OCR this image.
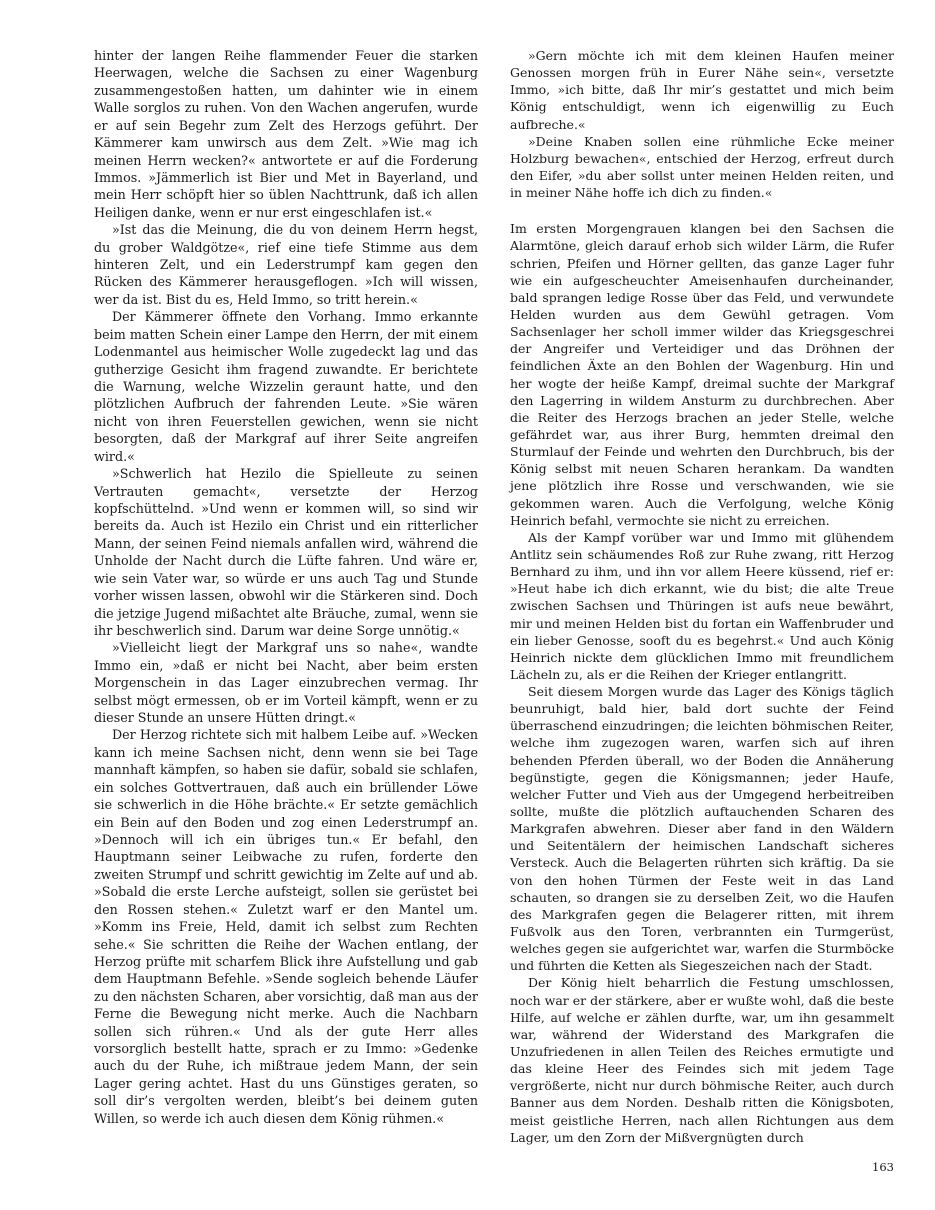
hinter der langen Reihe flammender Feuer die starken Heerwagen, welche die Sachsen zu einer Wagenburg zusammengestoßen hatten, um dahinter wie in einem Walle sorglos zu ruhen. Von den Wachen angerufen, wurde er auf sein Begehr zum Zelt des Herzogs geführt. Der Kämmerer kam unwirsch aus dem Zelt. »Wie mag ich meinen Herrn wecken?« antwortete er auf die Forderung Immos. »Jämmerlich ist Bier und Met in Bayerland, und mein Herr schöpft hier so üblen Nachttrunk, daß ich allen Heiligen danke, wenn er nur erst eingeschlafen ist.«

»Ist das die Meinung, die du von deinem Herrn hegst, du grober Waldgötze«, rief eine tiefe Stimme aus dem hinteren Zelt, und ein Lederstrumpf kam gegen den Rücken des Kämmerer herausgeflogen. »Ich will wissen, wer da ist. Bist du es, Held Immo, so tritt herein.«

Der Kämmerer öffnete den Vorhang. Immo erkannte beim matten Schein einer Lampe den Herrn, der mit einem Lodenmantel aus heimischer Wolle zugedeckt lag und das gutherzige Gesicht ihm fragend zuwandte. Er berichtete die Warnung, welche Wizzelin geraunt hatte, und den plötzlichen Aufbruch der fahrenden Leute. »Sie wären nicht von ihren Feuerstellen gewichen, wenn sie nicht besorgten, daß der Markgraf auf ihrer Seite angreifen wird.«

»Schwerlich hat Hezilo die Spielleute zu seinen Vertrauten gemacht«, versetzte der Herzog kopfschüttelnd. »Und wenn er kommen will, so sind wir bereits da. Auch ist Hezilo ein Christ und ein ritterlicher Mann, der seinen Feind niemals anfallen wird, während die Unholde der Nacht durch die Lüfte fahren. Und wäre er, wie sein Vater war, so würde er uns auch Tag und Stunde vorher wissen lassen, obwohl wir die Stärkeren sind. Doch die jetzige Jugend mißachtet alte Bräuche, zumal, wenn sie ihr beschwerlich sind. Darum war deine Sorge unnötig.«

»Vielleicht liegt der Markgraf uns so nahe«, wandte Immo ein, »daß er nicht bei Nacht, aber beim ersten Morgenschein in das Lager einzubrechen vermag. Ihr selbst mögt ermessen, ob er im Vorteil kämpft, wenn er zu dieser Stunde an unsere Hütten dringt.«

Der Herzog richtete sich mit halbem Leibe auf. »Wecken kann ich meine Sachsen nicht, denn wenn sie bei Tage mannhaft kämpfen, so haben sie dafür, sobald sie schlafen, ein solches Gottvertrauen, daß auch ein brüllender Löwe sie schwerlich in die Höhe brächte.« Er setzte gemächlich ein Bein auf den Boden und zog einen Lederstrumpf an. »Dennoch will ich ein übriges tun.« Er befahl, den Hauptmann seiner Leibwache zu rufen, forderte den zweiten Strumpf und schritt gewichtig im Zelte auf und ab. »Sobald die erste Lerche aufsteigt, sollen sie gerüstet bei den Rossen stehen.« Zuletzt warf er den Mantel um. »Komm ins Freie, Held, damit ich selbst zum Rechten sehe.« Sie schritten die Reihe der Wachen entlang, der Herzog prüfte mit scharfem Blick ihre Aufstellung und gab dem Hauptmann Befehle. »Sende sogleich behende Läufer zu den nächsten Scharen, aber vorsichtig, daß man aus der Ferne die Bewegung nicht merke. Auch die Nachbarn sollen sich rühren.« Und als der gute Herr alles vorsorglich bestellt hatte, sprach er zu Immo: »Gedenke auch du der Ruhe, ich mißtraue jedem Mann, der sein Lager gering achtet. Hast du uns Günstiges geraten, so soll dir’s vergolten werden, bleibt’s bei deinem guten Willen, so werde ich auch diesen dem König rühmen.«

»Gern möchte ich mit dem kleinen Haufen meiner Genossen morgen früh in Eurer Nähe sein«, versetzte Immo, »ich bitte, daß Ihr mir’s gestattet und mich beim König entschuldigt, wenn ich eigenwillig zu Euch aufbreche.«

»Deine Knaben sollen eine rühmliche Ecke meiner Holzburg bewachen«, entschied der Herzog, erfreut durch den Eifer, »du aber sollst unter meinen Helden reiten, und in meiner Nähe hoffe ich dich zu finden.«

Im ersten Morgengrauen klangen bei den Sachsen die Alarmtöne, gleich darauf erhob sich wilder Lärm, die Rufer schrien, Pfeifen und Hörner gellten, das ganze Lager fuhr wie ein aufgescheuchter Ameisenhaufen durcheinander, bald sprangen ledige Rosse über das Feld, und verwundete Helden wurden aus dem Gewühl getragen. Vom Sachsenlager her scholl immer wilder das Kriegsgeschrei der Angreifer und Verteidiger und das Dröhnen der feindlichen Äxte an den Bohlen der Wagenburg. Hin und her wogte der heiße Kampf, dreimal suchte der Markgraf den Lagerring in wildem Ansturm zu durchbrechen. Aber die Reiter des Herzogs brachen an jeder Stelle, welche gefährdet war, aus ihrer Burg, hemmten dreimal den Sturmlauf der Feinde und wehrten den Durchbruch, bis der König selbst mit neuen Scharen herankam. Da wandten jene plötzlich ihre Rosse und verschwanden, wie sie gekommen waren. Auch die Verfolgung, welche König Heinrich befahl, vermochte sie nicht zu erreichen.

Als der Kampf vorüber war und Immo mit glühendem Antlitz sein schäumendes Roß zur Ruhe zwang, ritt Herzog Bernhard zu ihm, und ihn vor allem Heere küssend, rief er: »Heut habe ich dich erkannt, wie du bist; die alte Treue zwischen Sachsen und Thüringen ist aufs neue bewährt, mir und meinen Helden bist du fortan ein Waffenbruder und ein lieber Genosse, sooft du es begehrst.« Und auch König Heinrich nickte dem glücklichen Immo mit freundlichem Lächeln zu, als er die Reihen der Krieger entlangritt.

Seit diesem Morgen wurde das Lager des Königs täglich beunruhigt, bald hier, bald dort suchte der Feind überraschend einzudringen; die leichten böhmischen Reiter, welche ihm zugezogen waren, warfen sich auf ihren behenden Pferden überall, wo der Boden die Annäherung begünstigte, gegen die Königsmannen; jeder Haufe, welcher Futter und Vieh aus der Umgegend herbeitreiben sollte, mußte die plötzlich auftauchenden Scharen des Markgrafen abwehren. Dieser aber fand in den Wäldern und Seitentälern der heimischen Landschaft sicheres Versteck. Auch die Belagerten rührten sich kräftig. Da sie von den hohen Türmen der Feste weit in das Land schauten, so drangen sie zu derselben Zeit, wo die Haufen des Markgrafen gegen die Belagerer ritten, mit ihrem Fußvolk aus den Toren, verbrannten ein Turmgerüst, welches gegen sie aufgerichtet war, warfen die Sturmböcke und führten die Ketten als Siegeszeichen nach der Stadt.

Der König hielt beharrlich die Festung umschlossen, noch war er der stärkere, aber er wußte wohl, daß die beste Hilfe, auf welche er zählen durfte, war, um ihn gesammelt war, während der Widerstand des Markgrafen die Unzufriedenen in allen Teilen des Reiches ermutigte und das kleine Heer des Feindes sich mit jedem Tage vergrößerte, nicht nur durch böhmische Reiter, auch durch Banner aus dem Norden. Deshalb ritten die Königsboten, meist geistliche Herren, nach allen Richtungen aus dem Lager, um den Zorn der Mißvergnügten durch

163
